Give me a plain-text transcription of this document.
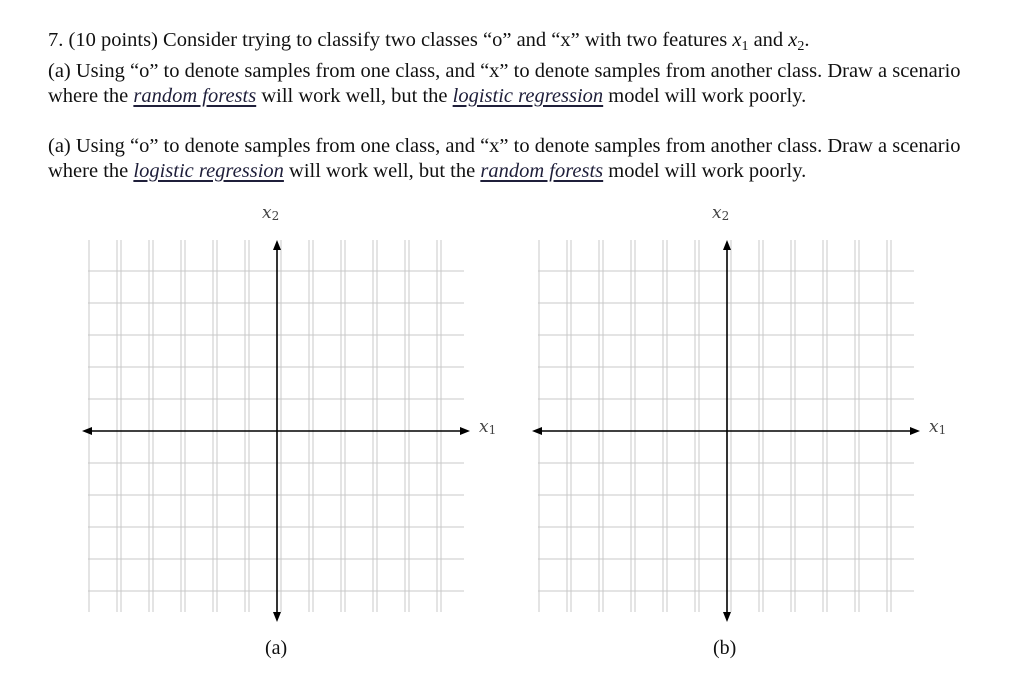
7. (10 points) Consider trying to classify two classes “o” and “x” with two features $x_1$ and $x_2$.

(a) Using “o” to denote samples from one class, and “x” to denote samples from another class. Draw a scenario where the random forests will work well, but the logistic regression model will work poorly.

(a) Using “o” to denote samples from one class, and “x” to denote samples from another class. Draw a scenario where the logistic regression will work well, but the random forests model will work poorly.

$x_2$
$x_1$
(a)
$x_2$
$x_1$
(b)
